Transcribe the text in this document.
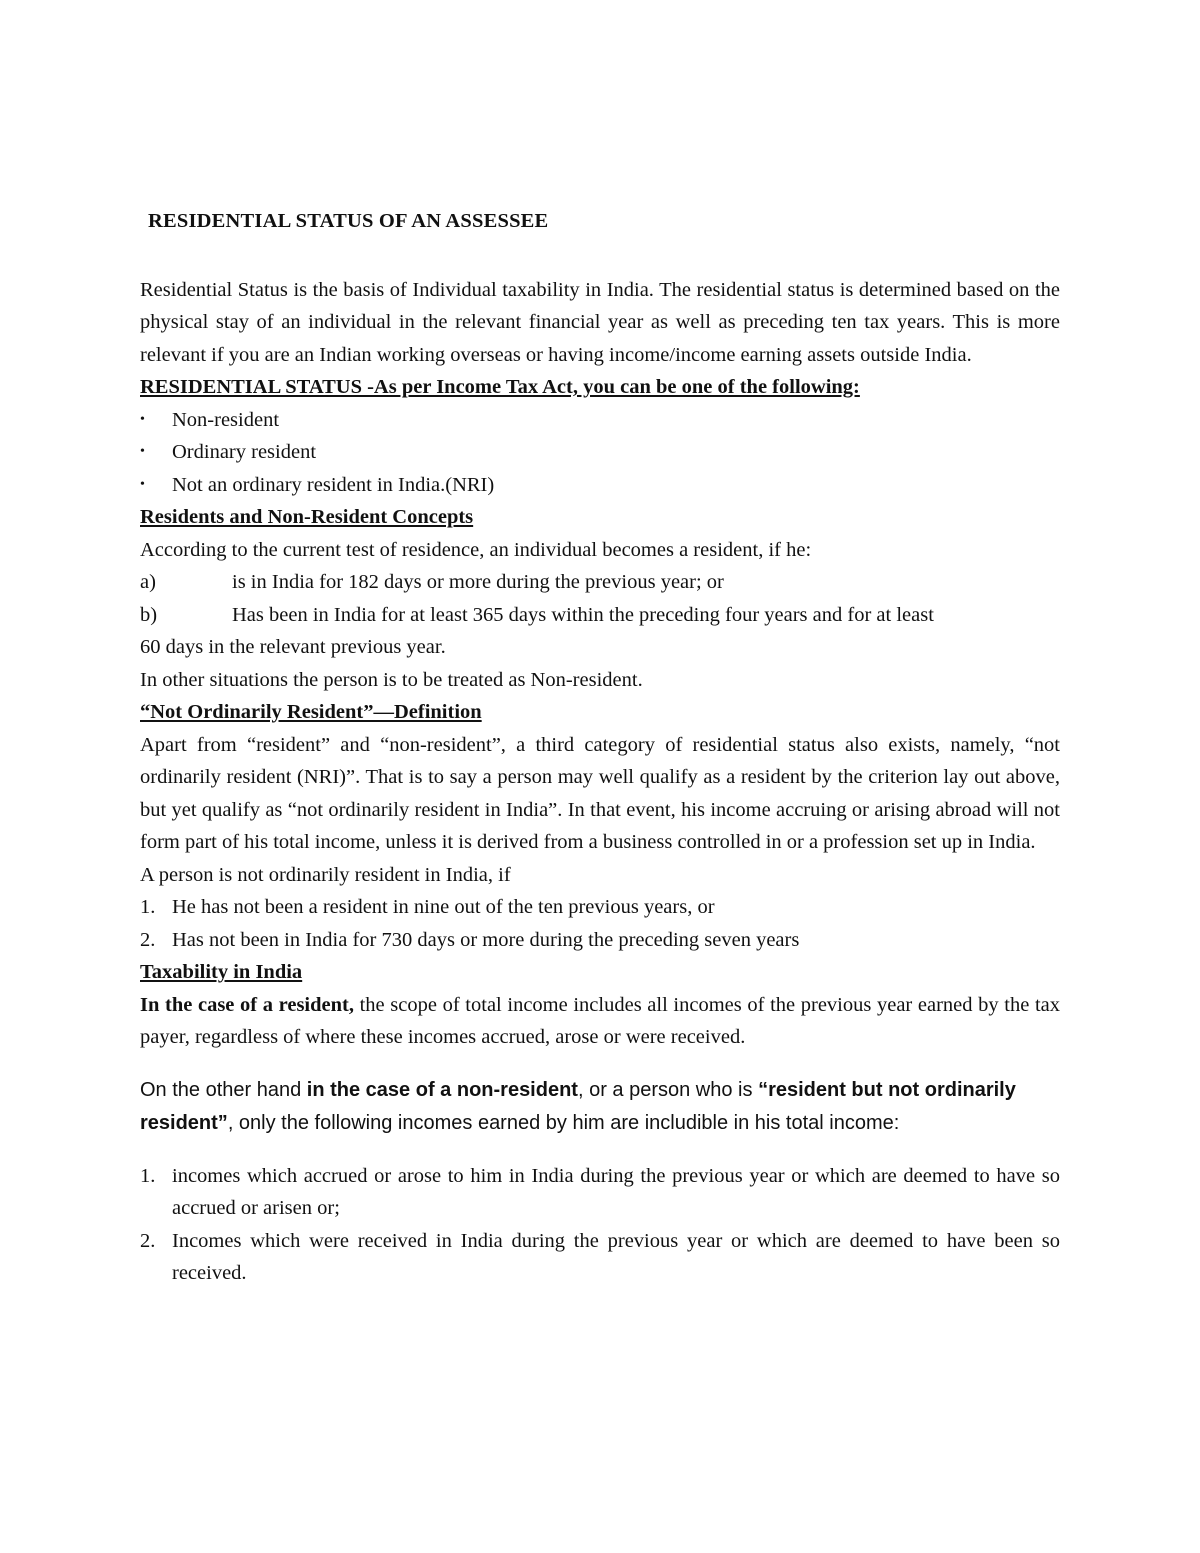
RESIDENTIAL STATUS OF AN ASSESSEE

Residential Status is the basis of Individual taxability in India. The residential status is determined based on the physical stay of an individual in the relevant financial year as well as preceding ten tax years. This is more relevant if you are an Indian working overseas or having income/income earning assets outside India.

RESIDENTIAL STATUS -As per Income Tax Act, you can be one of the following:

• Non-resident
• Ordinary resident
• Not an ordinary resident in India.(NRI)

Residents and Non-Resident Concepts

According to the current test of residence, an individual becomes a resident, if he:

a)	is in India for 182 days or more during the previous year; or

b)	Has been in India for at least 365 days within the preceding four years and for at least

60 days in the relevant previous year.

In other situations the person is to be treated as Non-resident.

“Not Ordinarily Resident”—Definition

Apart from “resident” and “non-resident”, a third category of residential status also exists, namely, “not ordinarily resident (NRI)”. That is to say a person may well qualify as a resident by the criterion lay out above, but yet qualify as “not ordinarily resident in India”. In that event, his income accruing or arising abroad will not form part of his total income, unless it is derived from a business controlled in or a profession set up in India.

A person is not ordinarily resident in India, if

1. He has not been a resident in nine out of the ten previous years, or

2. Has not been in India for 730 days or more during the preceding seven years

Taxability in India

In the case of a resident, the scope of total income includes all incomes of the previous year earned by the tax payer, regardless of where these incomes accrued, arose or were received.

On the other hand in the case of a non-resident, or a person who is “resident but not ordinarily resident”, only the following incomes earned by him are includible in his total income:

1. incomes which accrued or arose to him in India during the previous year or which are deemed to have so accrued or arisen or;

2. Incomes which were received in India during the previous year or which are deemed to have been so received.
